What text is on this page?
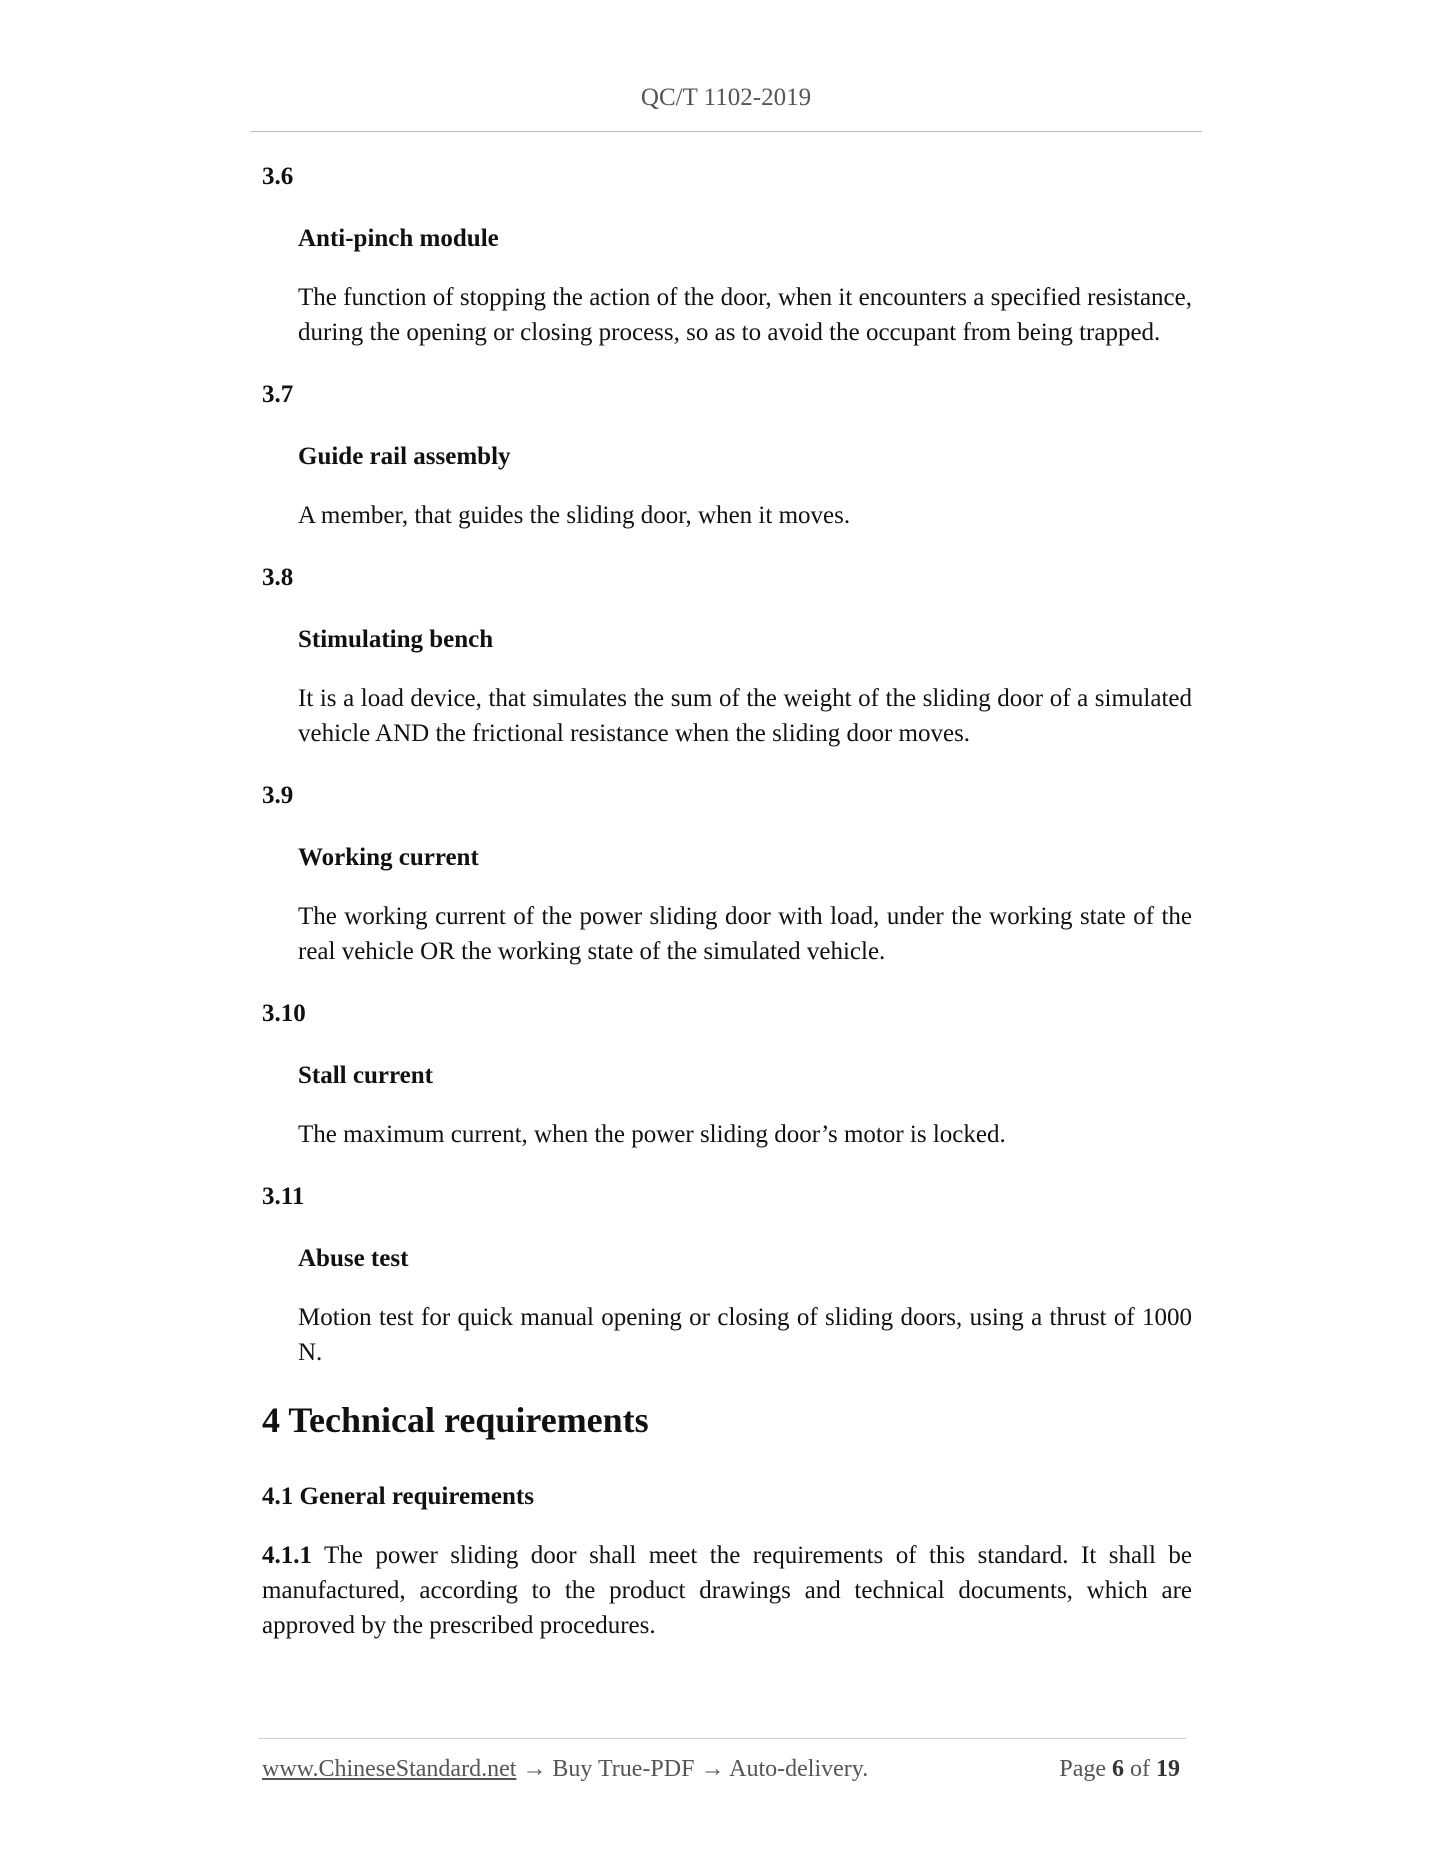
QC/T 1102-2019
3.6
Anti-pinch module
The function of stopping the action of the door, when it encounters a specified resistance, during the opening or closing process, so as to avoid the occupant from being trapped.
3.7
Guide rail assembly
A member, that guides the sliding door, when it moves.
3.8
Stimulating bench
It is a load device, that simulates the sum of the weight of the sliding door of a simulated vehicle AND the frictional resistance when the sliding door moves.
3.9
Working current
The working current of the power sliding door with load, under the working state of the real vehicle OR the working state of the simulated vehicle.
3.10
Stall current
The maximum current, when the power sliding door’s motor is locked.
3.11
Abuse test
Motion test for quick manual opening or closing of sliding doors, using a thrust of 1000 N.
4 Technical requirements
4.1 General requirements
4.1.1 The power sliding door shall meet the requirements of this standard. It shall be manufactured, according to the product drawings and technical documents, which are approved by the prescribed procedures.
www.ChineseStandard.net → Buy True-PDF → Auto-delivery.	Page 6 of 19
